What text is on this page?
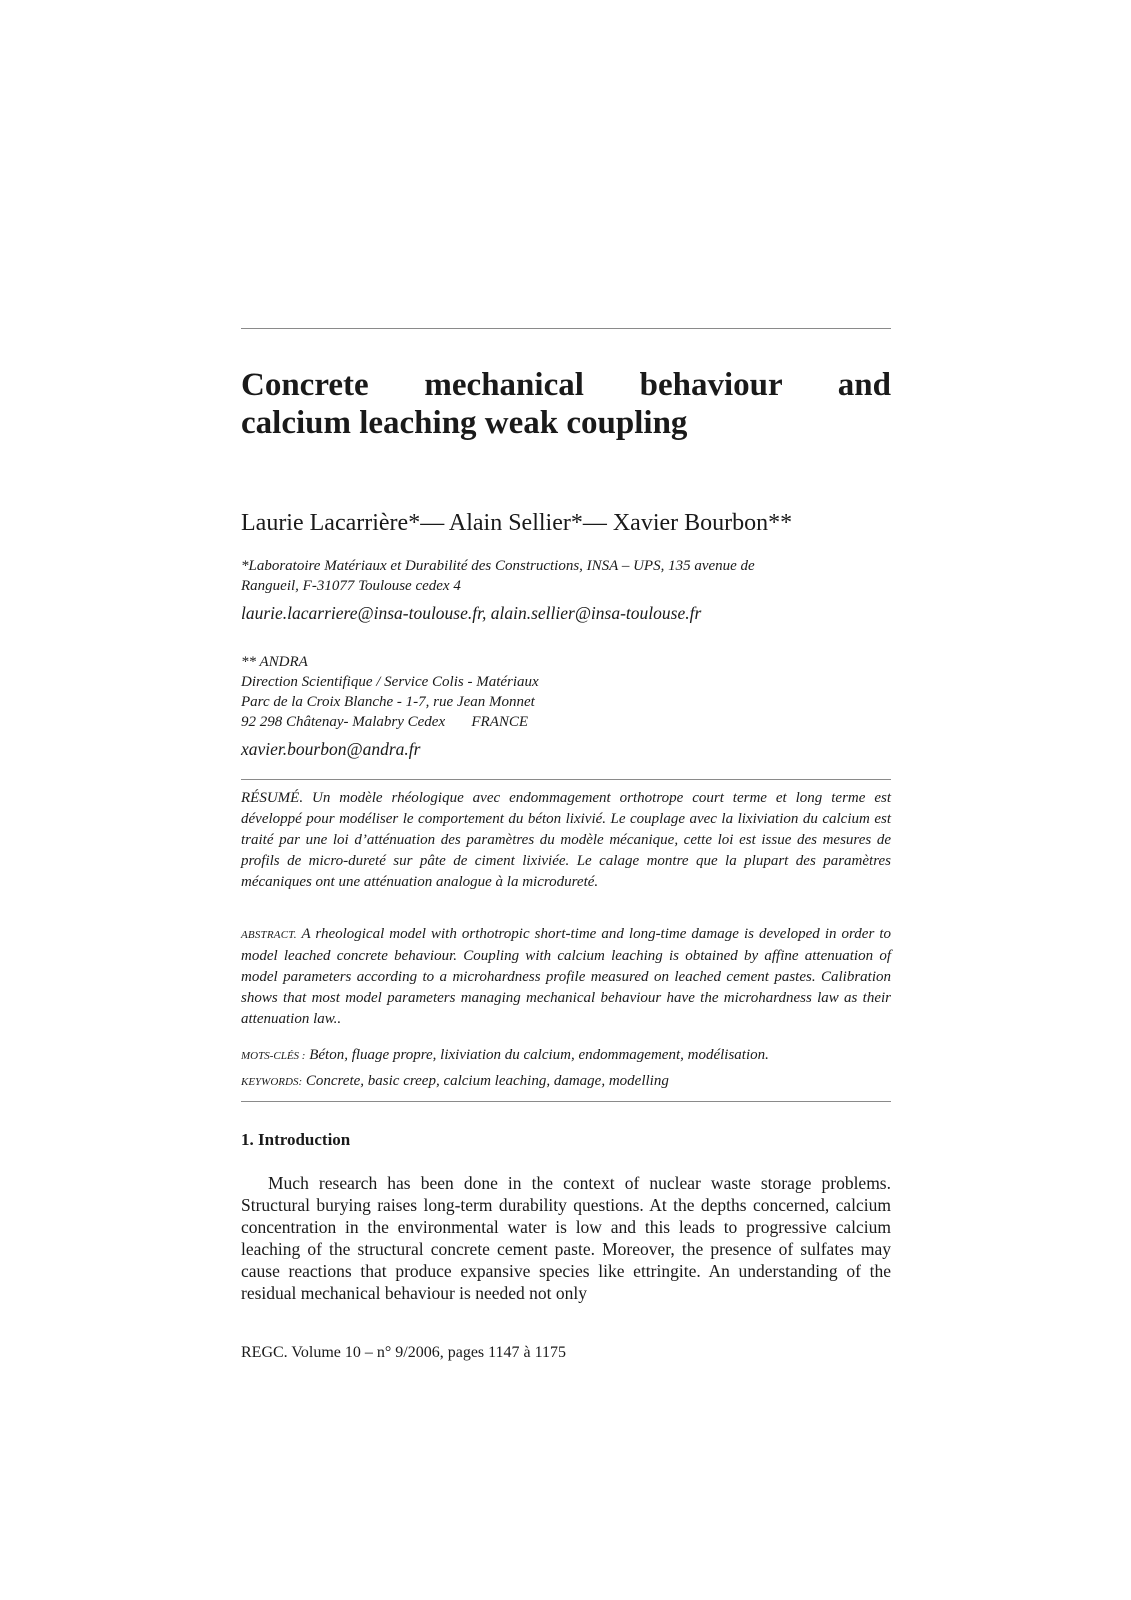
Concrete mechanical behaviour and
calcium leaching weak coupling

Laurie Lacarrière*— Alain Sellier*— Xavier Bourbon**

*Laboratoire Matériaux et Durabilité des Constructions, INSA – UPS, 135 avenue de

Rangueil, F-31077 Toulouse cedex 4

laurie.lacarriere@insa-toulouse.fr, alain.sellier@insa-toulouse.fr

** ANDRA

Direction Scientifique / Service Colis - Matériaux

Parc de la Croix Blanche - 1-7, rue Jean Monnet

92 298 Châtenay- Malabry Cedex       FRANCE

xavier.bourbon@andra.fr

RÉSUMÉ. Un modèle rhéologique avec endommagement orthotrope court terme et long terme est développé pour modéliser le comportement du béton lixivié. Le couplage avec la lixiviation du calcium est traité par une loi d’atténuation des paramètres du modèle mécanique, cette loi est issue des mesures de profils de micro-dureté sur pâte de ciment lixiviée. Le calage montre que la plupart des paramètres mécaniques ont une atténuation analogue à la microdureté.

ABSTRACT. A rheological model with orthotropic short-time and long-time damage is developed in order to model leached concrete behaviour. Coupling with calcium leaching is obtained by affine attenuation of model parameters according to a microhardness profile measured on leached cement pastes. Calibration shows that most model parameters managing mechanical behaviour have the microhardness law as their attenuation law..

MOTS-CLÉS : Béton, fluage propre, lixiviation du calcium, endommagement, modélisation.

KEYWORDS: Concrete, basic creep, calcium leaching, damage, modelling

1. Introduction

Much research has been done in the context of nuclear waste storage problems. Structural burying raises long-term durability questions. At the depths concerned, calcium concentration in the environmental water is low and this leads to progressive calcium leaching of the structural concrete cement paste. Moreover, the presence of sulfates may cause reactions that produce expansive species like ettringite. An understanding of the residual mechanical behaviour is needed not only

REGC. Volume 10 – n° 9/2006, pages 1147 à 1175
